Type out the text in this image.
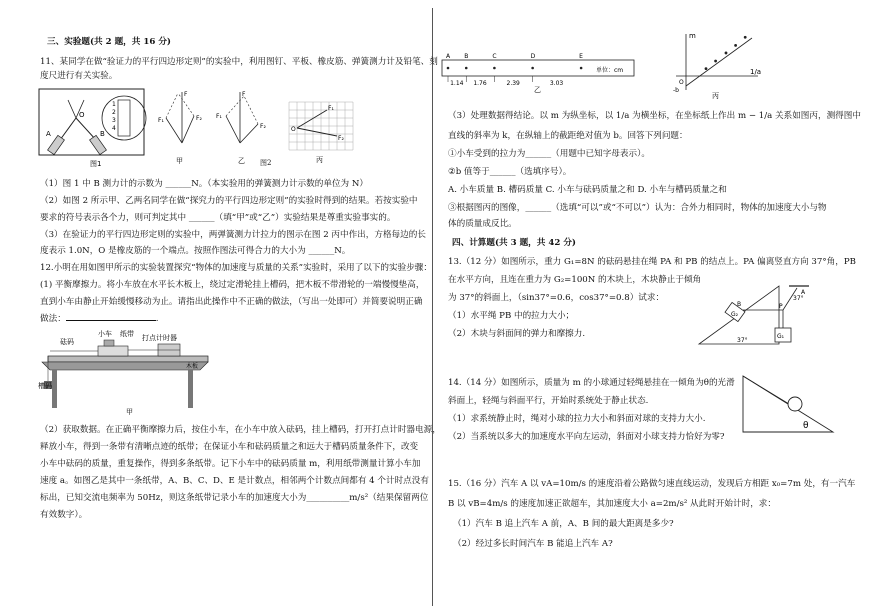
三、实验题(共 2 题，共 16 分)
11、某同学在做“验证力的平行四边形定则”的实验中，利用图钉、平板、橡皮筋、弹簧测力计及铅笔、刻
度尺进行有关实验。
A
O
B
1
2
3
4
图1
F
F₁	F₂
甲
F
F₁
F₂
乙 图2
O
F₁
F₂
丙
（1）图 1 中 B 测力计的示数为 ______N。（本实验用的弹簧测力计示数的单位为 N）
（2）如图 2 所示甲、乙两名同学在做“探究力的平行四边形定则”的实验时得到的结果。若按实验中
要求的符号表示各个力，则可判定其中 ______（填“甲”或“乙”）实验结果是尊重实验事实的。
（3）在验证力的平行四边形定则的实验中，两弹簧测力计拉力的图示在图 2 丙中作出，方格每边的长
度表示 1.0N，O 是橡皮筋的一个端点。按照作图法可得合力的大小为 ______N。
12.小明在用如图甲所示的实验装置探究“物体的加速度与质量的关系”实验时，采用了以下的实验步骤：
(1) 平衡摩擦力。将小车放在水平长木板上，绕过定滑轮挂上槽码，把木板不带滑轮的一端慢慢垫高，
直到小车由静止开始缓慢移动为止。请指出此操作中不正确的做法，（写出一处即可）并简要说明正确
做法：	.
小车 纸带 打点计时器
砝码
槽码
木板
甲
（2）获取数据。在正确平衡摩擦力后，按住小车，在小车中放入砝码，挂上槽码，打开打点计时器电源，
释放小车，得到一条带有清晰点迹的纸带；在保证小车和砝码质量之和远大于槽码质量条件下，改变
小车中砝码的质量，重复操作，得到多条纸带。记下小车中的砝码质量 m，利用纸带测量计算小车加
速度 a。如图乙是其中一条纸带，A、B、C、D、E 是计数点，相邻两个计数点间都有 4 个计时点没有
标出，已知交流电频率为 50Hz，则这条纸带记录小车的加速度大小为__________m/s²（结果保留两位
有效数字）。
A B	C	D	E
1.14 1.76	2.39	3.03
单位：cm
乙
m
1/a
O
-b
丙
（3）处理数据得结论。以 m 为纵坐标，以 1/a 为横坐标，在坐标纸上作出 m − 1/a 关系如图丙，测得图中
直线的斜率为 k，在纵轴上的截距绝对值为 b。回答下列问题：
①小车受到的拉力为______（用题中已知字母表示）。
②b 值等于______（选填序号）。
A. 小车质量 B. 槽码质量 C. 小车与砝码质量之和 D. 小车与槽码质量之和
③根据图丙的图像，______（选填“可以”或“不可以”）认为：合外力相同时，物体的加速度大小与物
体的质量成反比。
四、计算题(共 3 题，共 42 分)
13.（12 分）如图所示，重力 G₁=8N 的砝码悬挂在绳 PA 和 PB 的结点上。PA 偏离竖直方向 37°角，PB
在水平方向，且连在重力为 G₂=100N 的木块上，木块静止于倾角
为 37°的斜面上，（sin37°=0.6，cos37°=0.8）试求：
（1）水平绳 PB 中的拉力大小；
（2）木块与斜面间的弹力和摩擦力.
G₂
G₁
P
A
B
37°
37°
14.（14 分）如图所示，质量为 m 的小球通过轻绳悬挂在一倾角为θ的光滑
斜面上，轻绳与斜面平行，开始时系统处于静止状态.
（1）求系统静止时，绳对小球的拉力大小和斜面对球的支持力大小.
（2）当系统以多大的加速度水平向左运动，斜面对小球支持力恰好为零?
θ
15.（16 分）汽车 A 以 vA=10m/s 的速度沿着公路做匀速直线运动，发现后方相距 x₀=7m 处，有一汽车
B 以 vB=4m/s 的速度加速正欲超车，其加速度大小 a=2m/s² 从此时开始计时，求：
（1）汽车 B 追上汽车 A 前，A、B 间的最大距离是多少?
（2）经过多长时间汽车 B 能追上汽车 A?
